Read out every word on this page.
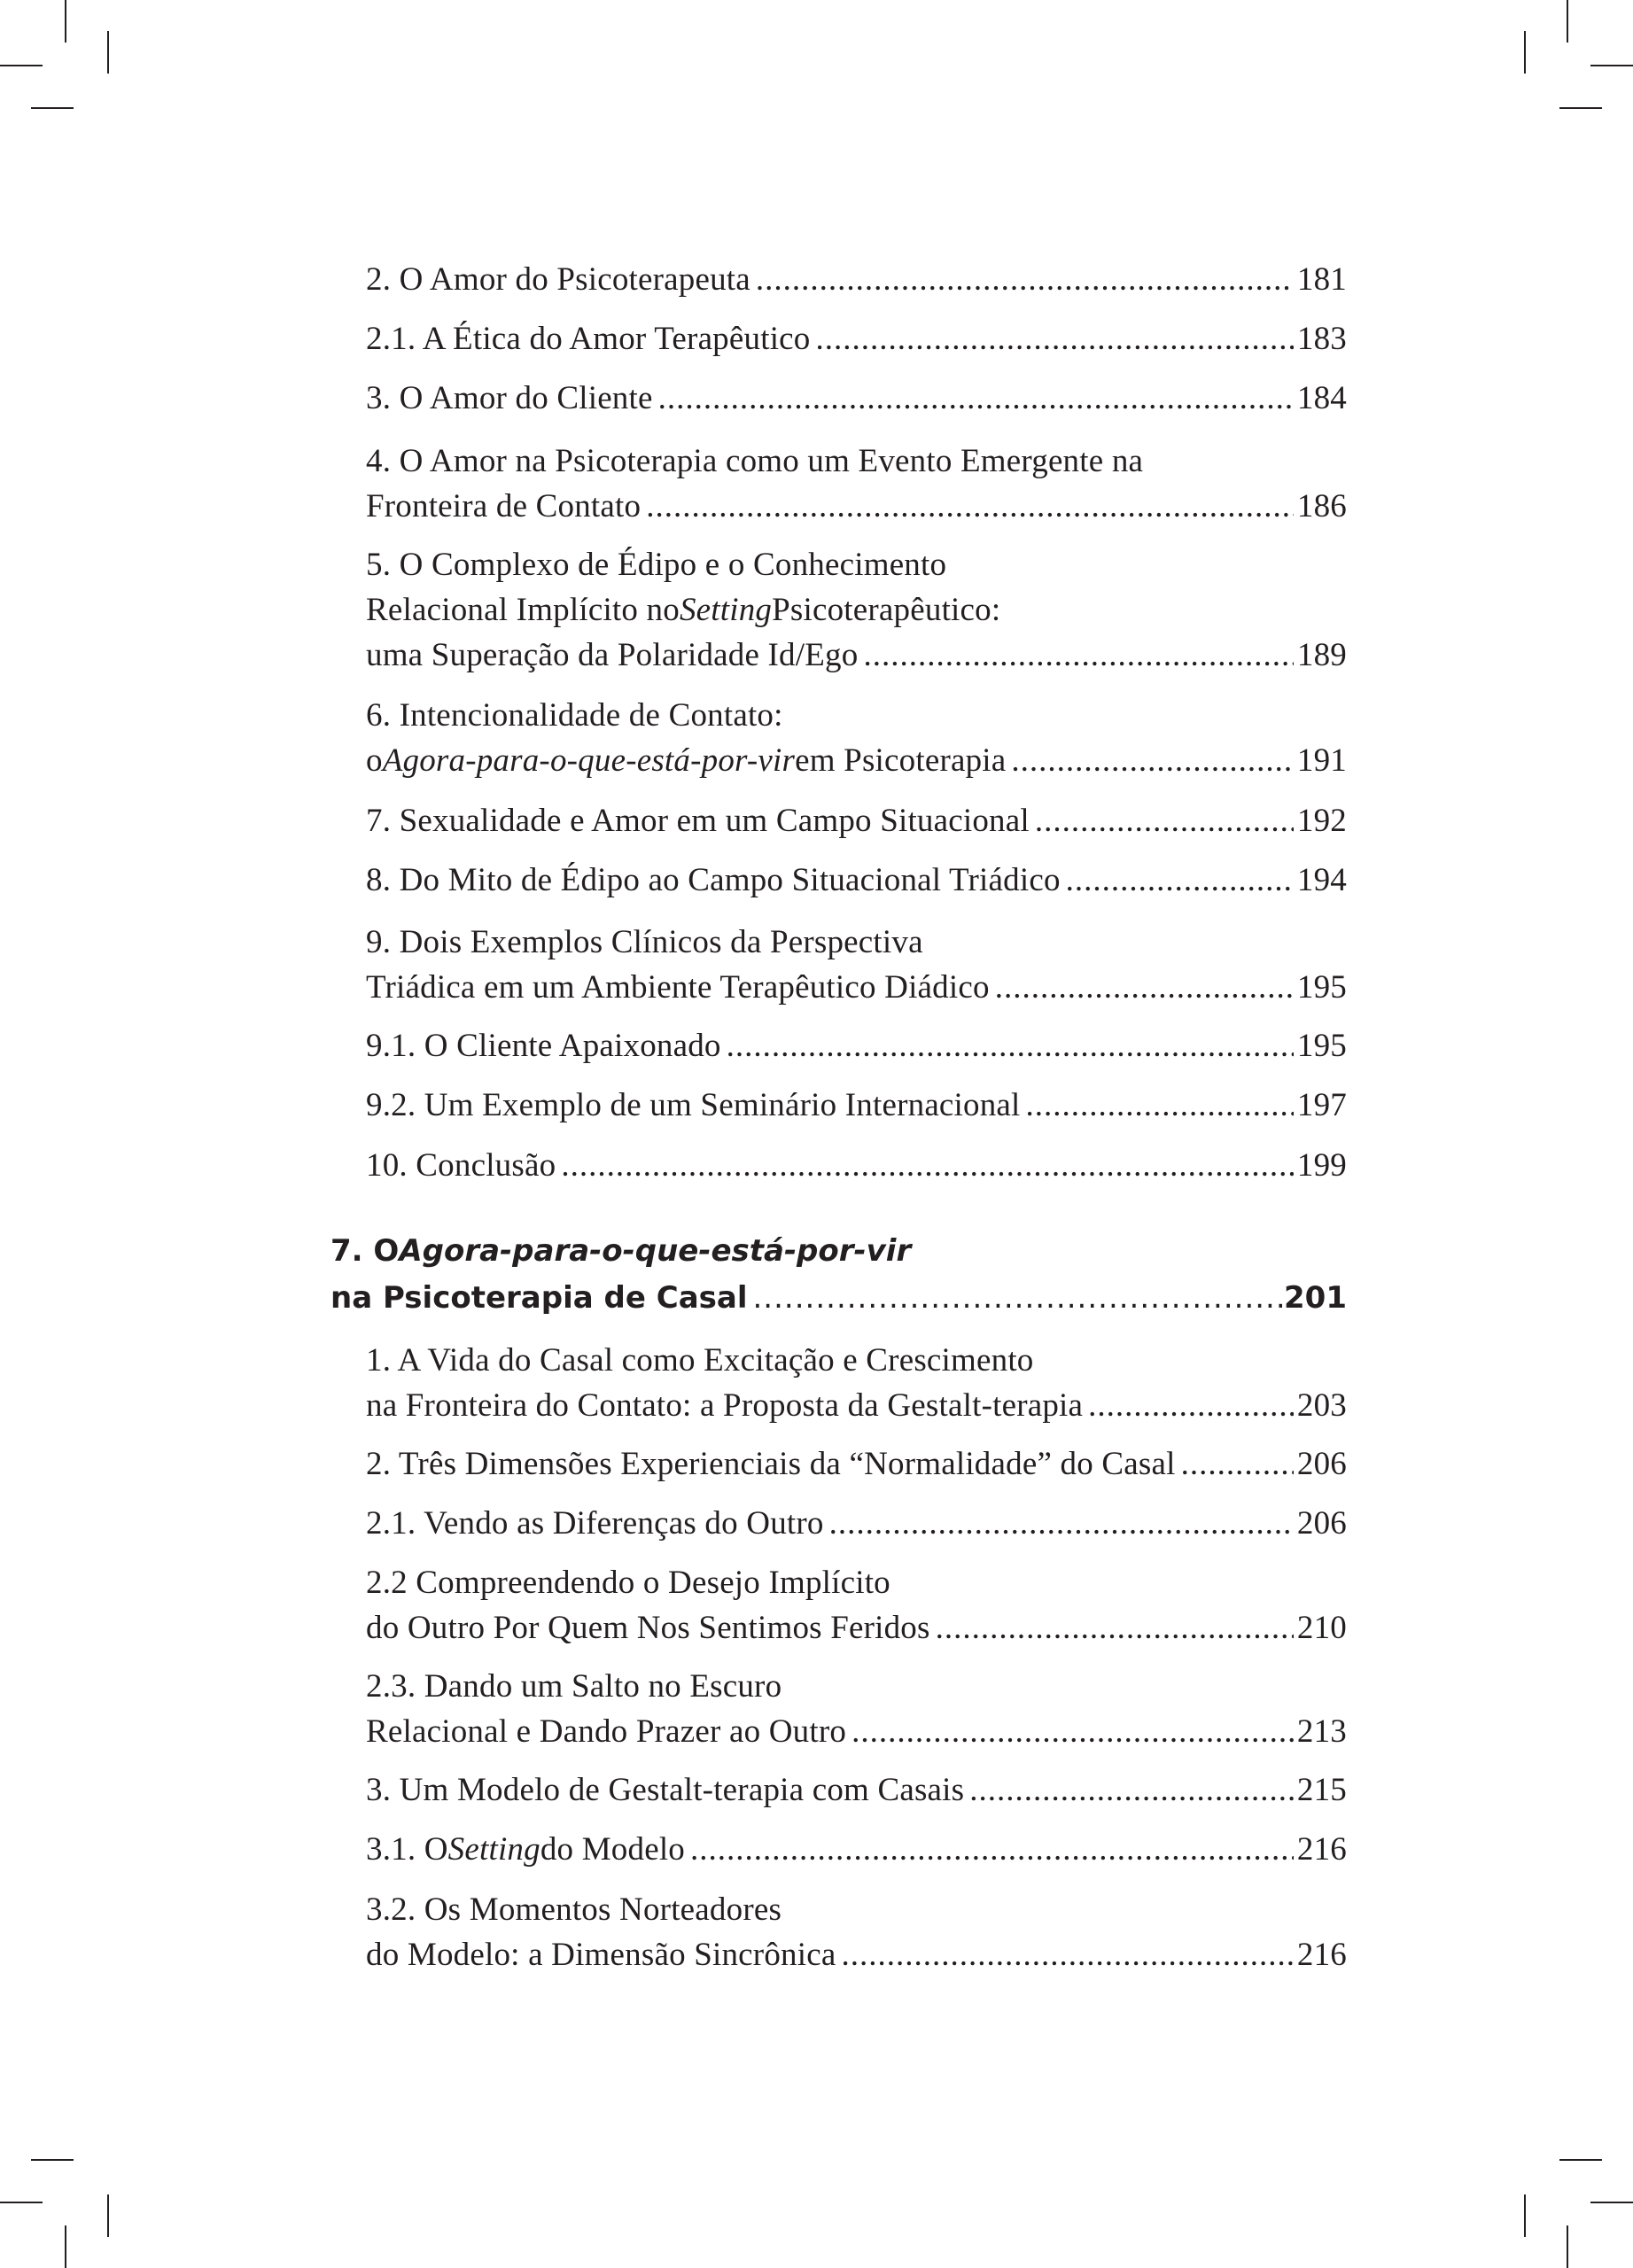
2. O Amor do Psicoterapeuta .....	181
2.1. A Ética do Amor Terapêutico .....	183
3. O Amor do Cliente .....	184
4. O Amor na Psicoterapia como um Evento Emergente na
Fronteira de Contato .....	186
5. O Complexo de Édipo e o Conhecimento
Relacional Implícito no Setting Psicoterapêutico:
uma Superação da Polaridade Id/Ego .....	189
6. Intencionalidade de Contato:
o Agora-para-o-que-está-por-vir em Psicoterapia .....	191
7. Sexualidade e Amor em um Campo Situacional .....	192
8. Do Mito de Édipo ao Campo Situacional Triádico .....	194
9. Dois Exemplos Clínicos da Perspectiva
Triádica em um Ambiente Terapêutico Diádico .....	195
9.1. O Cliente Apaixonado .....	195
9.2. Um Exemplo de um Seminário Internacional .....	197
10. Conclusão .....	199
7. O Agora-para-o-que-está-por-vir
na Psicoterapia de Casal .....	201
1. A Vida do Casal como Excitação e Crescimento
na Fronteira do Contato: a Proposta da Gestalt-terapia .....	203
2. Três Dimensões Experienciais da “Normalidade” do Casal .....	206
2.1. Vendo as Diferenças do Outro .....	206
2.2 Compreendendo o Desejo Implícito
do Outro Por Quem Nos Sentimos Feridos .....	210
2.3. Dando um Salto no Escuro
Relacional e Dando Prazer ao Outro .....	213
3. Um Modelo de Gestalt-terapia com Casais .....	215
3.1. O Setting do Modelo .....	216
3.2. Os Momentos Norteadores
do Modelo: a Dimensão Sincrônica .....	216
